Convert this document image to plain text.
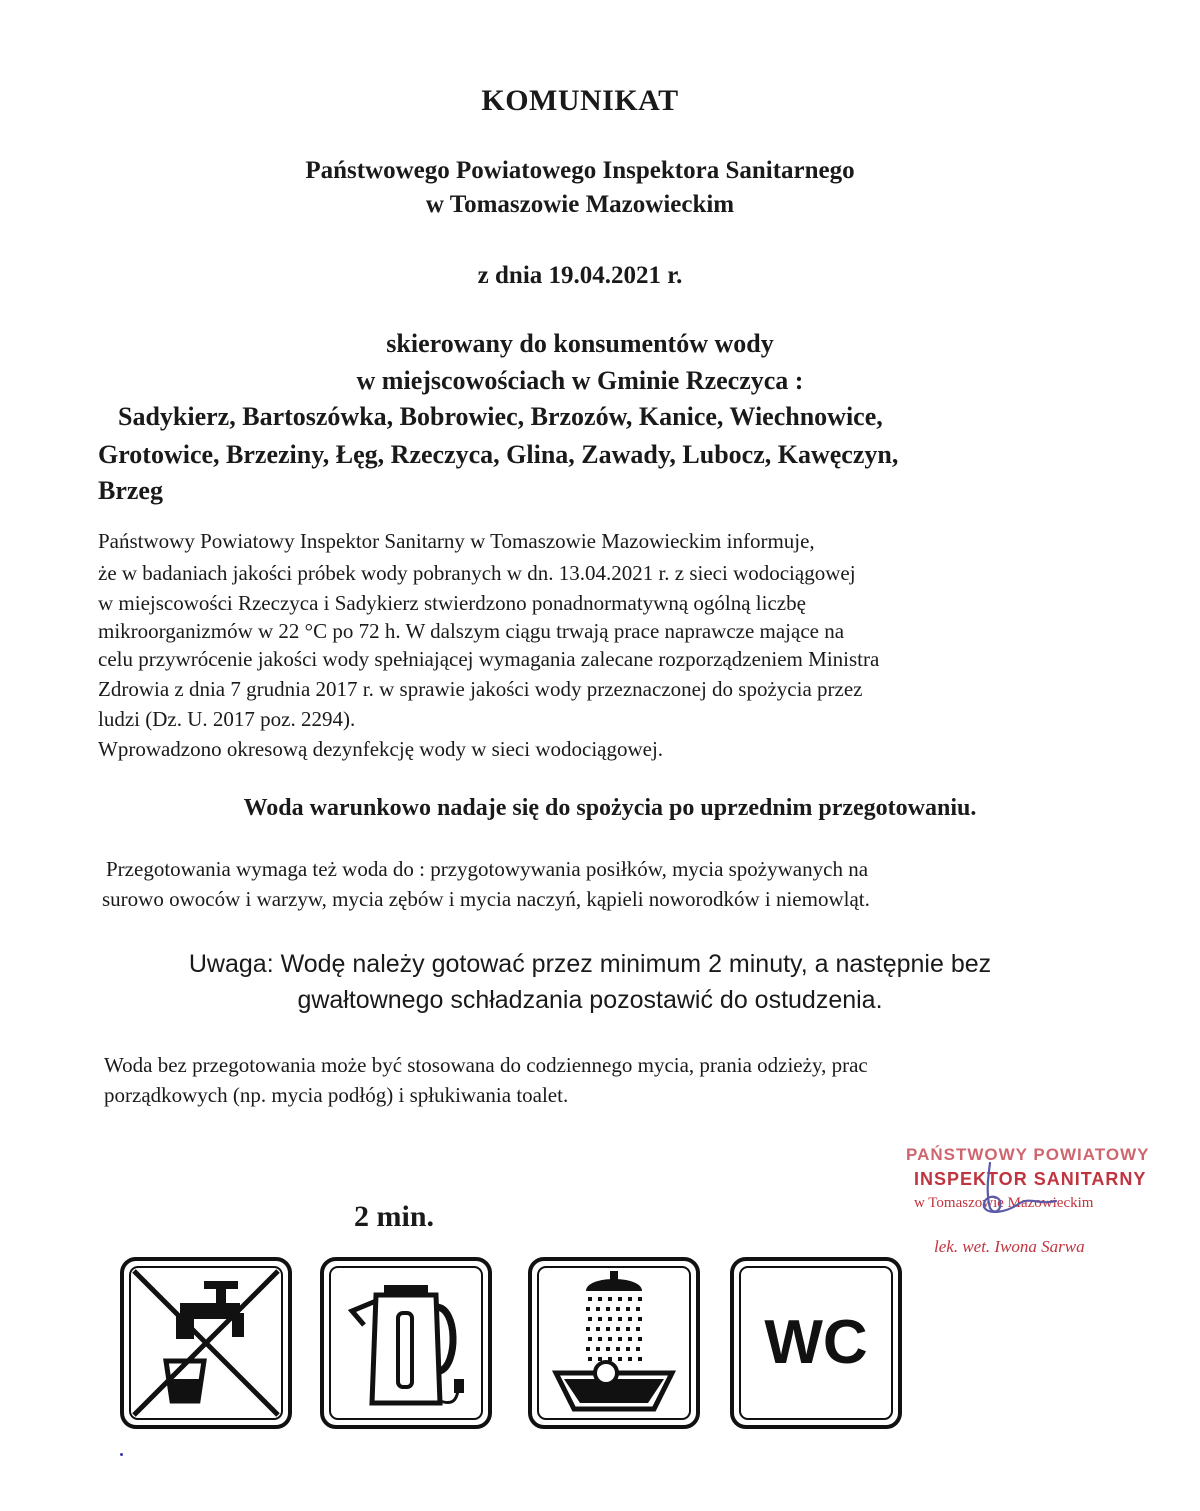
KOMUNIKAT
Państwowego Powiatowego Inspektora Sanitarnego
w Tomaszowie Mazowieckim
z dnia 19.04.2021 r.
skierowany do konsumentów wody
w miejscowościach w Gminie Rzeczyca :
Sadykierz, Bartoszówka, Bobrowiec, Brzozów, Kanice, Wiechnowice,
Grotowice, Brzeziny, Łęg, Rzeczyca, Glina, Zawady, Lubocz, Kawęczyn,
Brzeg
Państwowy Powiatowy Inspektor Sanitarny w Tomaszowie Mazowieckim informuje,
że w badaniach jakości próbek wody pobranych w dn. 13.04.2021 r. z sieci wodociągowej
w miejscowości Rzeczyca i Sadykierz stwierdzono ponadnormatywną ogólną liczbę
mikroorganizmów w 22 °C po 72 h. W dalszym ciągu trwają prace naprawcze mające na
celu przywrócenie jakości wody spełniającej wymagania zalecane rozporządzeniem Ministra
Zdrowia z dnia 7 grudnia 2017 r. w sprawie jakości wody przeznaczonej do spożycia przez
ludzi (Dz. U. 2017 poz. 2294).
Wprowadzono okresową dezynfekcję wody w sieci wodociągowej.
Woda warunkowo nadaje się do spożycia po uprzednim przegotowaniu.
Przegotowania wymaga też woda do : przygotowywania posiłków, mycia spożywanych na
surowo owoców i warzyw, mycia zębów i mycia naczyń, kąpieli noworodków i niemowląt.
Uwaga: Wodę należy gotować przez minimum 2 minuty, a następnie bez
gwałtownego schładzania pozostawić do ostudzenia.
Woda bez przegotowania może być stosowana do codziennego mycia, prania odzieży, prac
porządkowych (np. mycia podłóg) i spłukiwania toalet.
PAŃSTWOWY POWIATOWY
INSPEKTOR SANITARNY
w Tomaszowie Mazowieckim
lek. wet. Iwona Sarwa
2 min.
WC
